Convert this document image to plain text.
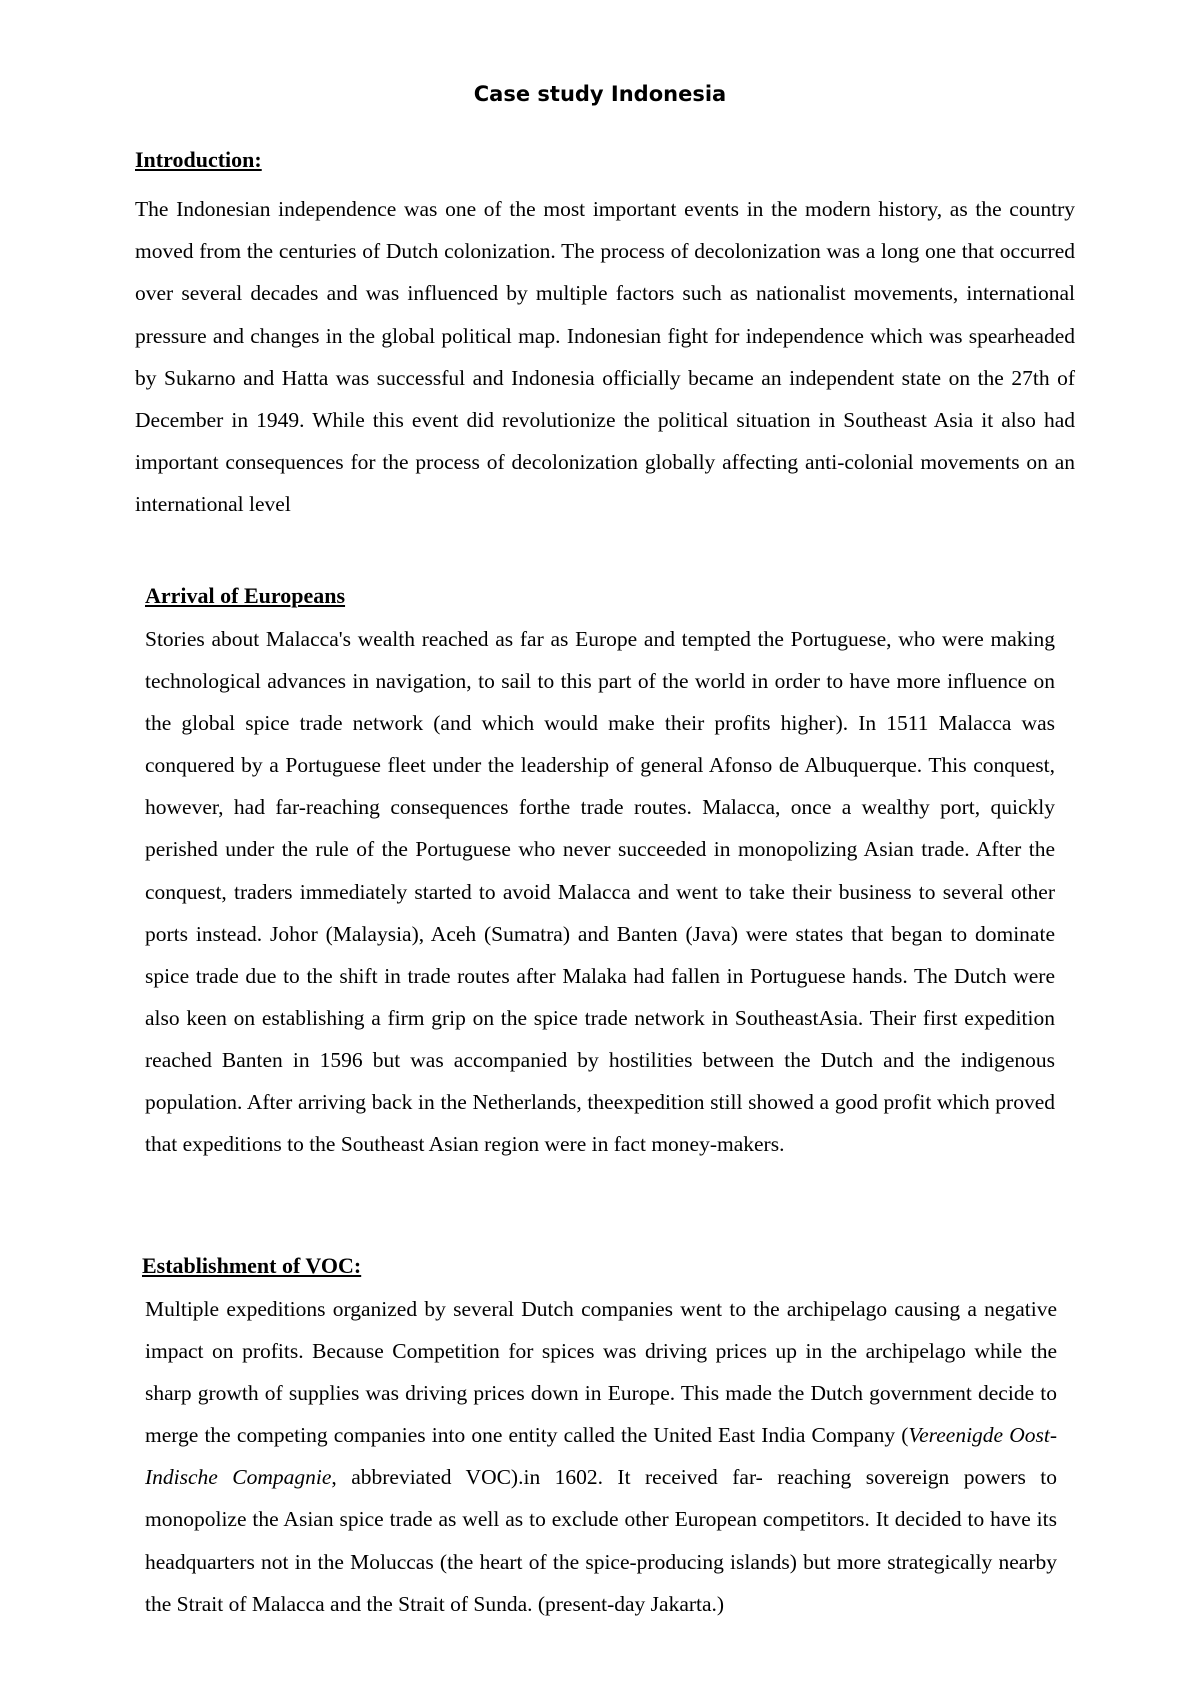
Case study Indonesia
Introduction:

The Indonesian independence was one of the most important events in the modern history, as the country moved from the centuries of Dutch colonization. The process of decolonization was a long one that occurred over several decades and was influenced by multiple factors such as nationalist movements, international pressure and changes in the global political map. Indonesian fight for independence which was spearheaded by Sukarno and Hatta was successful and Indonesia officially became an independent state on the 27th of December in 1949. While this event did revolutionize the political situation in Southeast Asia it also had important consequences for the process of decolonization globally affecting anti-colonial movements on an international level

Arrival of Europeans

Stories about Malacca's wealth reached as far as Europe and tempted the Portuguese, who were making technological advances in navigation, to sail to this part of the world in order to have more influence on the global spice trade network (and which would make their profits higher). In 1511 Malacca was conquered by a Portuguese fleet under the leadership of general Afonso de Albuquerque. This conquest, however, had far-reaching consequences forthe trade routes. Malacca, once a wealthy port, quickly perished under the rule of the Portuguese who never succeeded in monopolizing Asian trade. After the conquest, traders immediately started to avoid Malacca and went to take their business to several other ports instead. Johor (Malaysia), Aceh (Sumatra) and Banten (Java) were states that began to dominate spice trade due to the shift in trade routes after Malaka had fallen in Portuguese hands. The Dutch were also keen on establishing a firm grip on the spice trade network in SoutheastAsia. Their first expedition reached Banten in 1596 but was accompanied by hostilities between the Dutch and the indigenous population. After arriving back in the Netherlands, theexpedition still showed a good profit which proved that expeditions to the Southeast Asian region were in fact money-makers.

Establishment of VOC:

Multiple expeditions organized by several Dutch companies went to the archipelago causing a negative impact on profits. Because Competition for spices was driving prices up in the archipelago while the sharp growth of supplies was driving prices down in Europe. This made the Dutch government decide to merge the competing companies into one entity called the United East India Company (Vereenigde Oost-Indische Compagnie, abbreviated VOC).in 1602. It received far- reaching sovereign powers to monopolize the Asian spice trade as well as to exclude other European competitors. It decided to have its headquarters not in the Moluccas (the heart of the spice-producing islands) but more strategically nearby the Strait of Malacca and the Strait of Sunda. (present-day Jakarta.)
